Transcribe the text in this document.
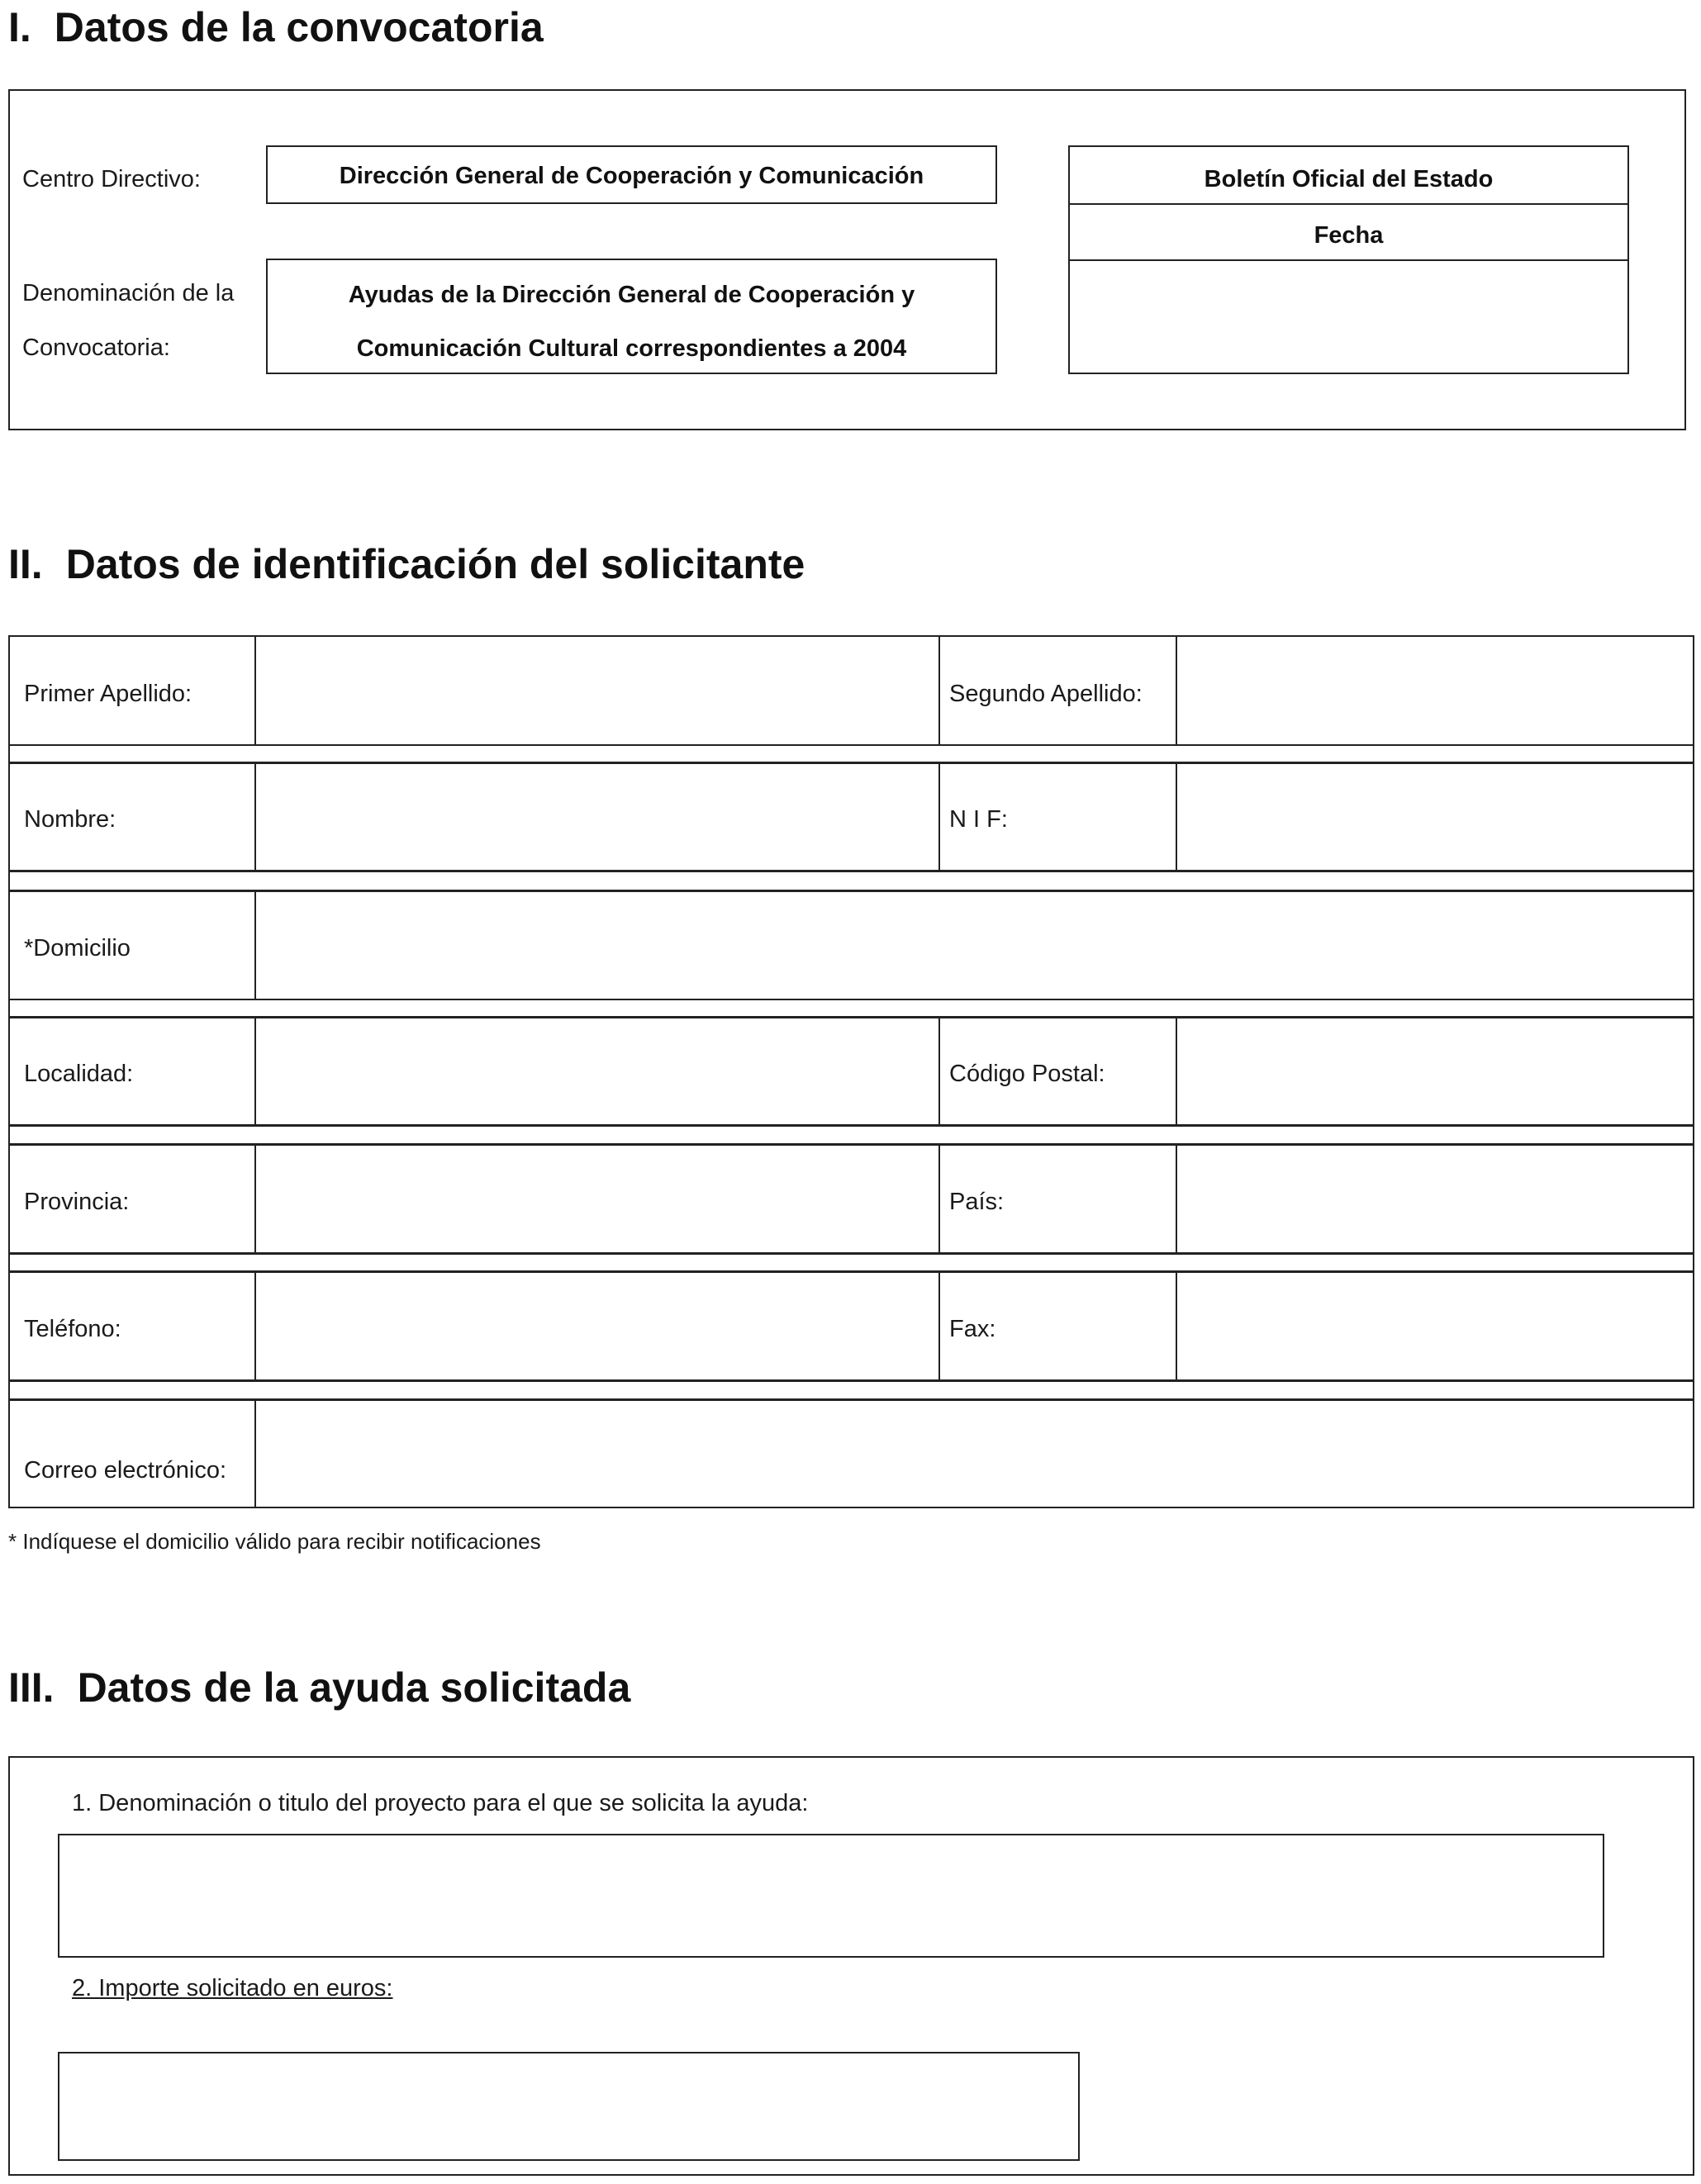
I. Datos de la convocatoria
Centro Directivo:	Dirección General de Cooperación y Comunicación
Denominación de la
Convocatoria:
Ayudas de la Dirección General de Cooperación y
Comunicación Cultural correspondientes a 2004
Boletín Oficial del Estado
Fecha
II. Datos de identificación del solicitante
Primer Apellido:	Segundo Apellido:
Nombre:	N I F:
*Domicilio
Localidad:	Código Postal:
Provincia:	País:
Teléfono:	Fax:
Correo electrónico:
* Indíquese el domicilio válido para recibir notificaciones
III. Datos de la ayuda solicitada
1. Denominación o titulo del proyecto para el que se solicita la ayuda:
2. Importe solicitado en euros:
